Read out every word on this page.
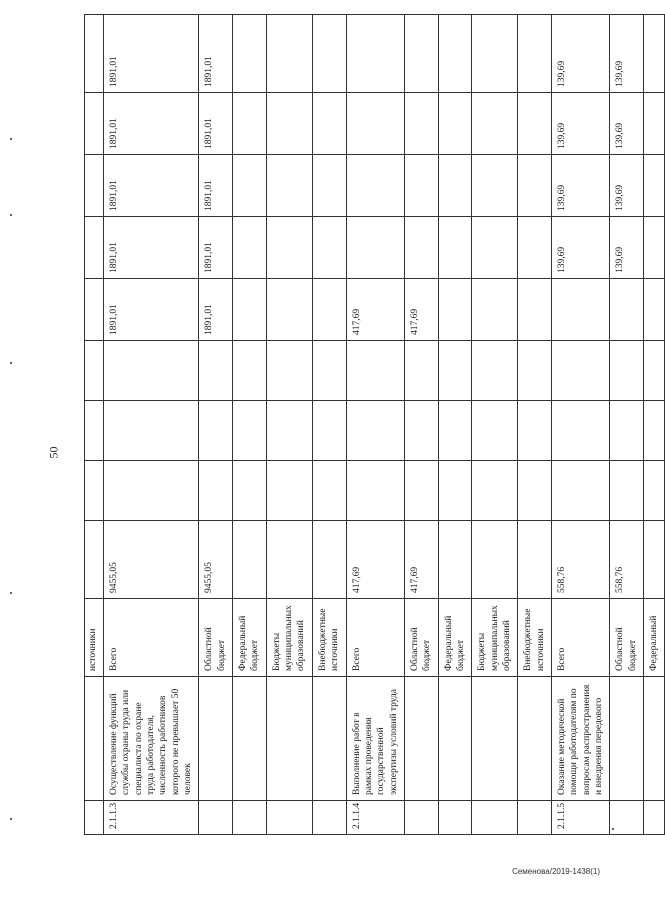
50
		источники									
2.1.1.3	Осуществление функций службы охраны труда или специалиста по охране труда работодателя, численность работников которого не превышает 50 человек	Всего	9455,05				1891,01	1891,01	1891,01	1891,01	1891,01
		Областной бюджет	9455,05				1891,01	1891,01	1891,01	1891,01	1891,01
		Федеральный бюджет									
		Бюджеты муниципальных образований									
		Внебюджетные источники									
2.1.1.4	Выполнение работ в рамках проведения государственной экспертизы условий труда	Всего	417,69				417,69				
		Областной бюджет	417,69				417,69				
		Федеральный бюджет									
		Бюджеты муниципальных образований									
		Внебюджетные источники									
2.1.1.5	Оказание методической помощи работодателям по вопросам распространения и внедрения передового	Всего	558,76					139,69	139,69	139,69	139,69
		Областной бюджет	558,76					139,69	139,69	139,69	139,69
		Федеральный									
Семенова/2019-1438(1)
